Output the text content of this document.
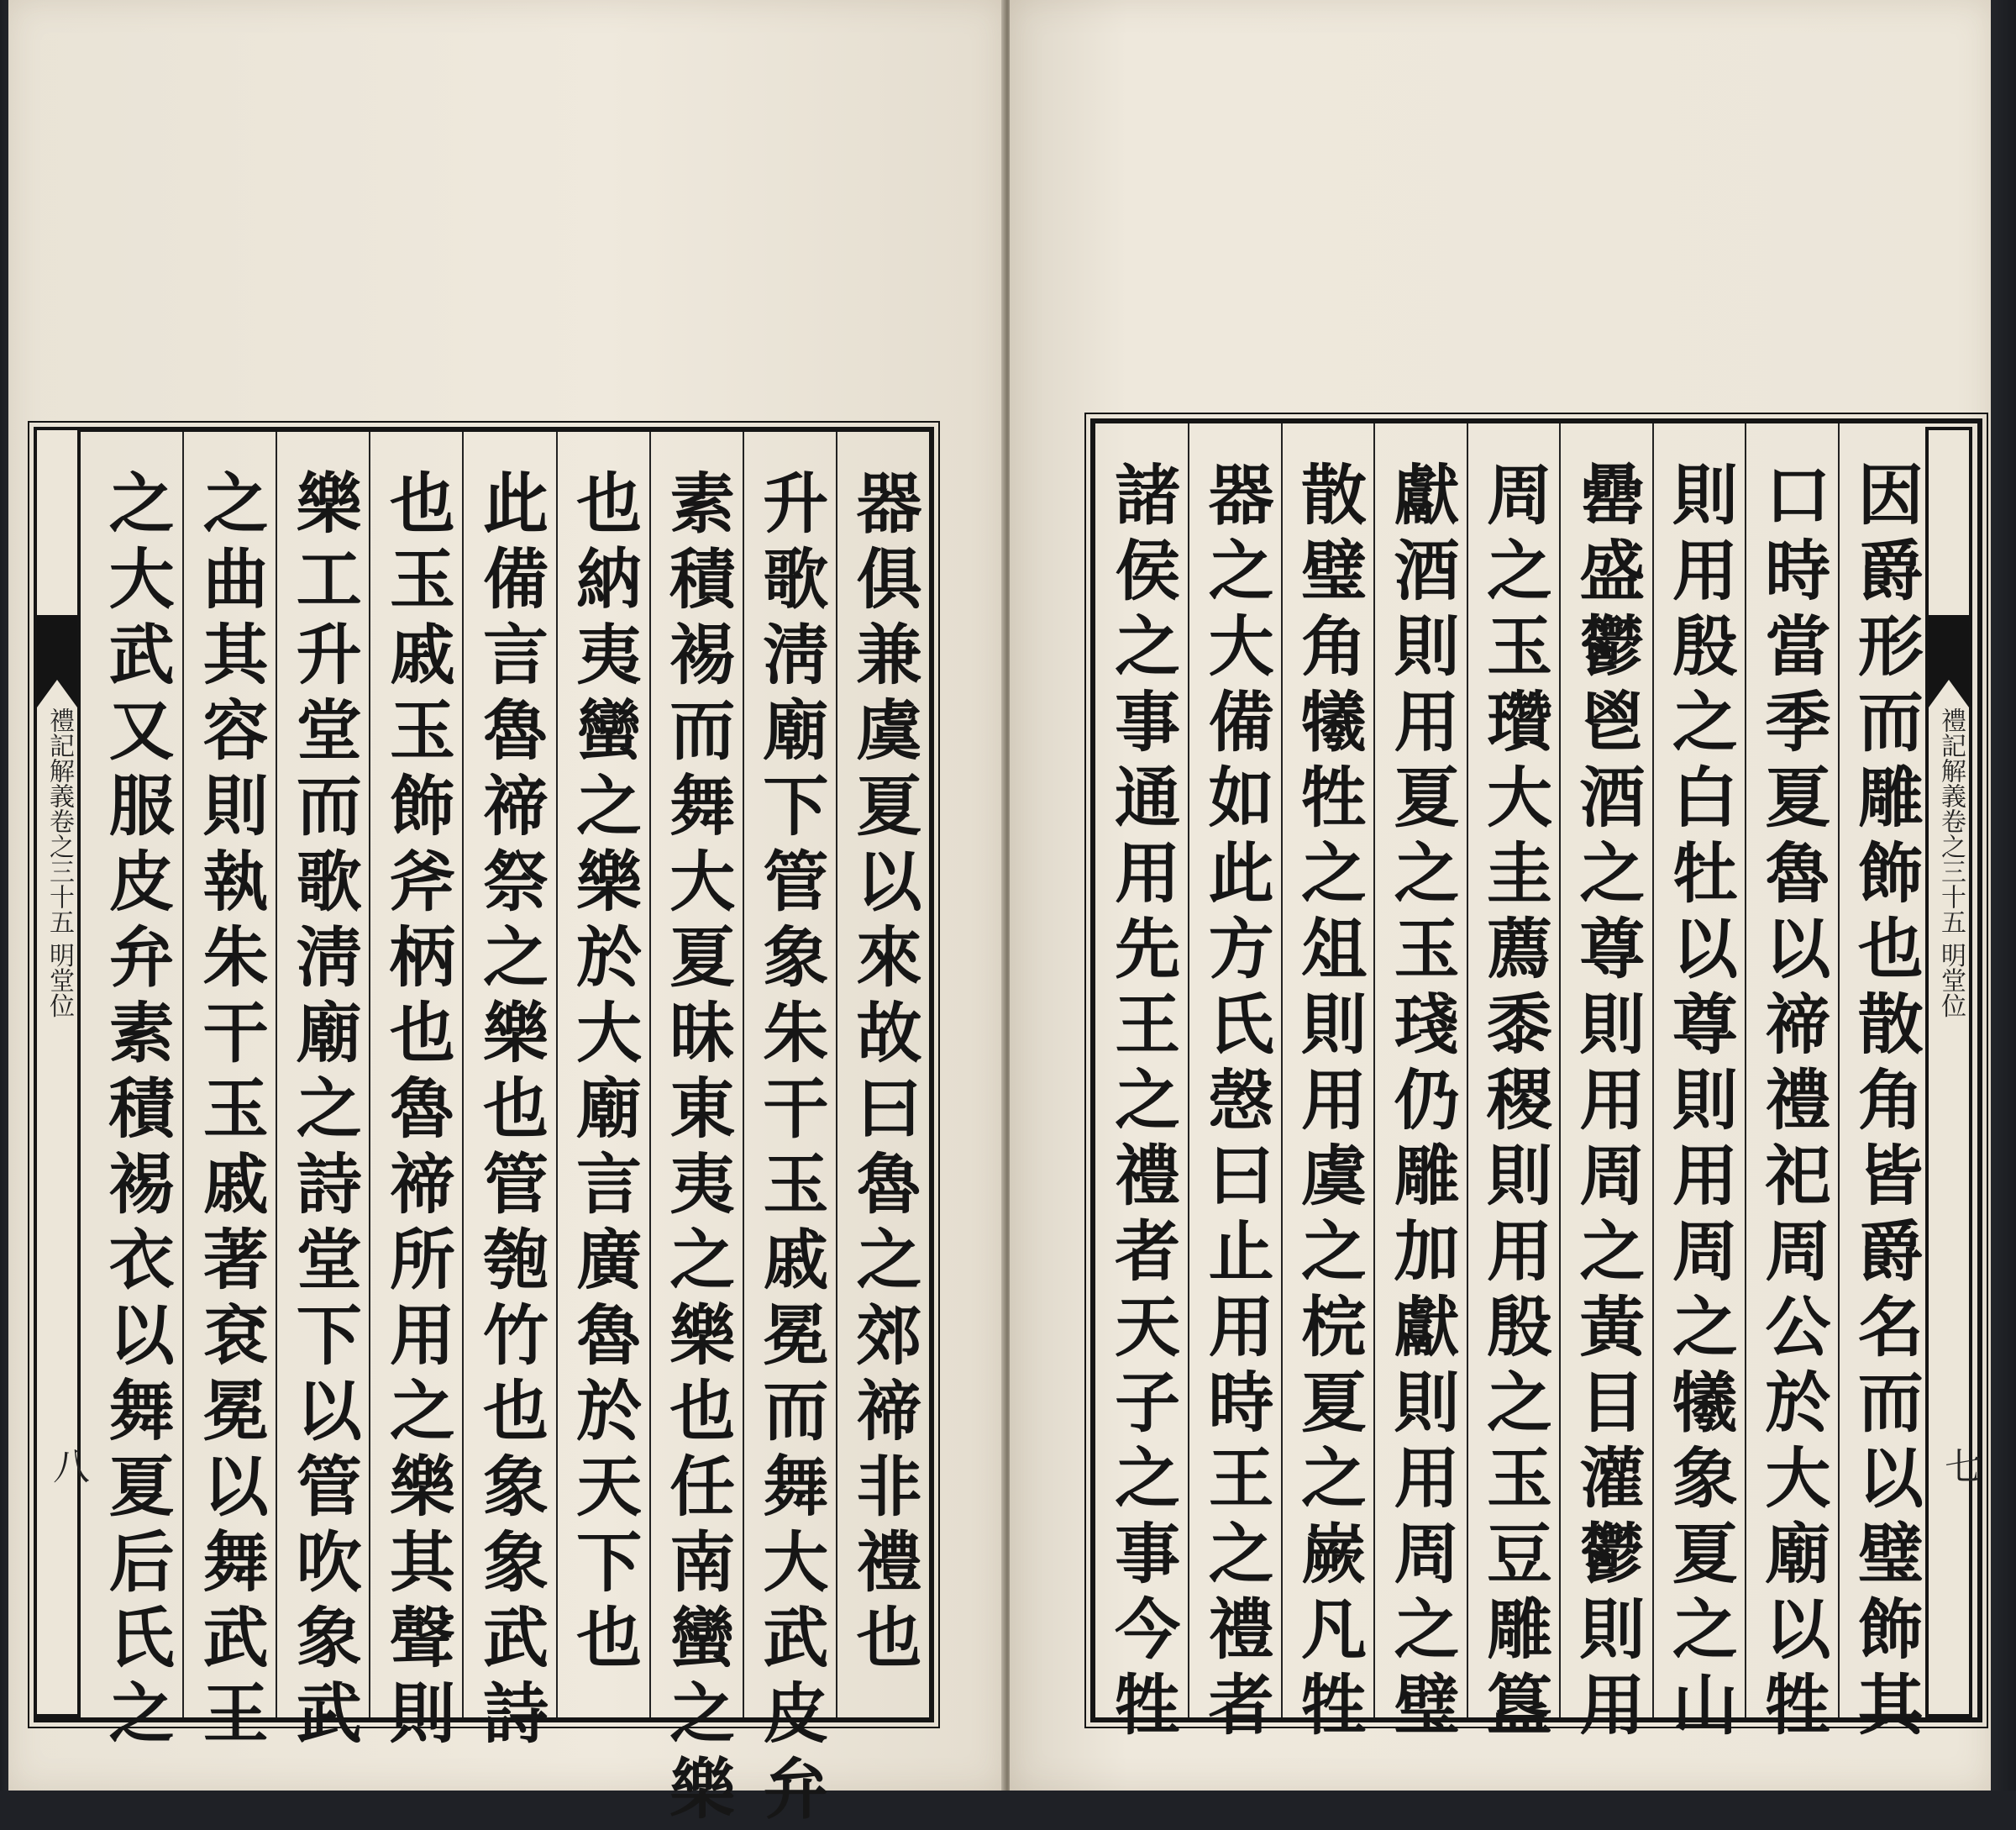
器俱兼虞夏以來故曰魯之郊禘非禮也
升歌淸廟下管象朱干玉戚冕而舞大武皮弁
素積裼而舞大夏昧東夷之樂也任南蠻之樂
也納夷蠻之樂於大廟言廣魯於天下也
此備言魯禘祭之樂也管匏竹也象象武詩
也玉戚玉飾斧柄也魯禘所用之樂其聲則
樂工升堂而歌淸廟之詩堂下以管吹象武
之曲其容則執朱干玉戚著袞冕以舞武王
之大武又服皮弁素積裼衣以舞夏后氏之
禮記解義卷之三十五 明堂位
八	因爵形而雕飾也散角皆爵名而以璧飾其
口時當季夏魯以禘禮祀周公於大廟以牲
則用殷之白牡以尊則用周之犧象夏之山
罍盛鬱鬯酒之尊則用周之黃目灌鬱則用
周之玉瓚大圭薦黍稷則用殷之玉豆雕簋
獻酒則用夏之玉琖仍雕加獻則用周之璧
散璧角犧牲之俎則用虞之梡夏之嶡凡牲
器之大備如此方氏愨曰止用時王之禮者
諸侯之事通用先王之禮者天子之事今牲	禮記解義卷之三十五 明堂位
七
